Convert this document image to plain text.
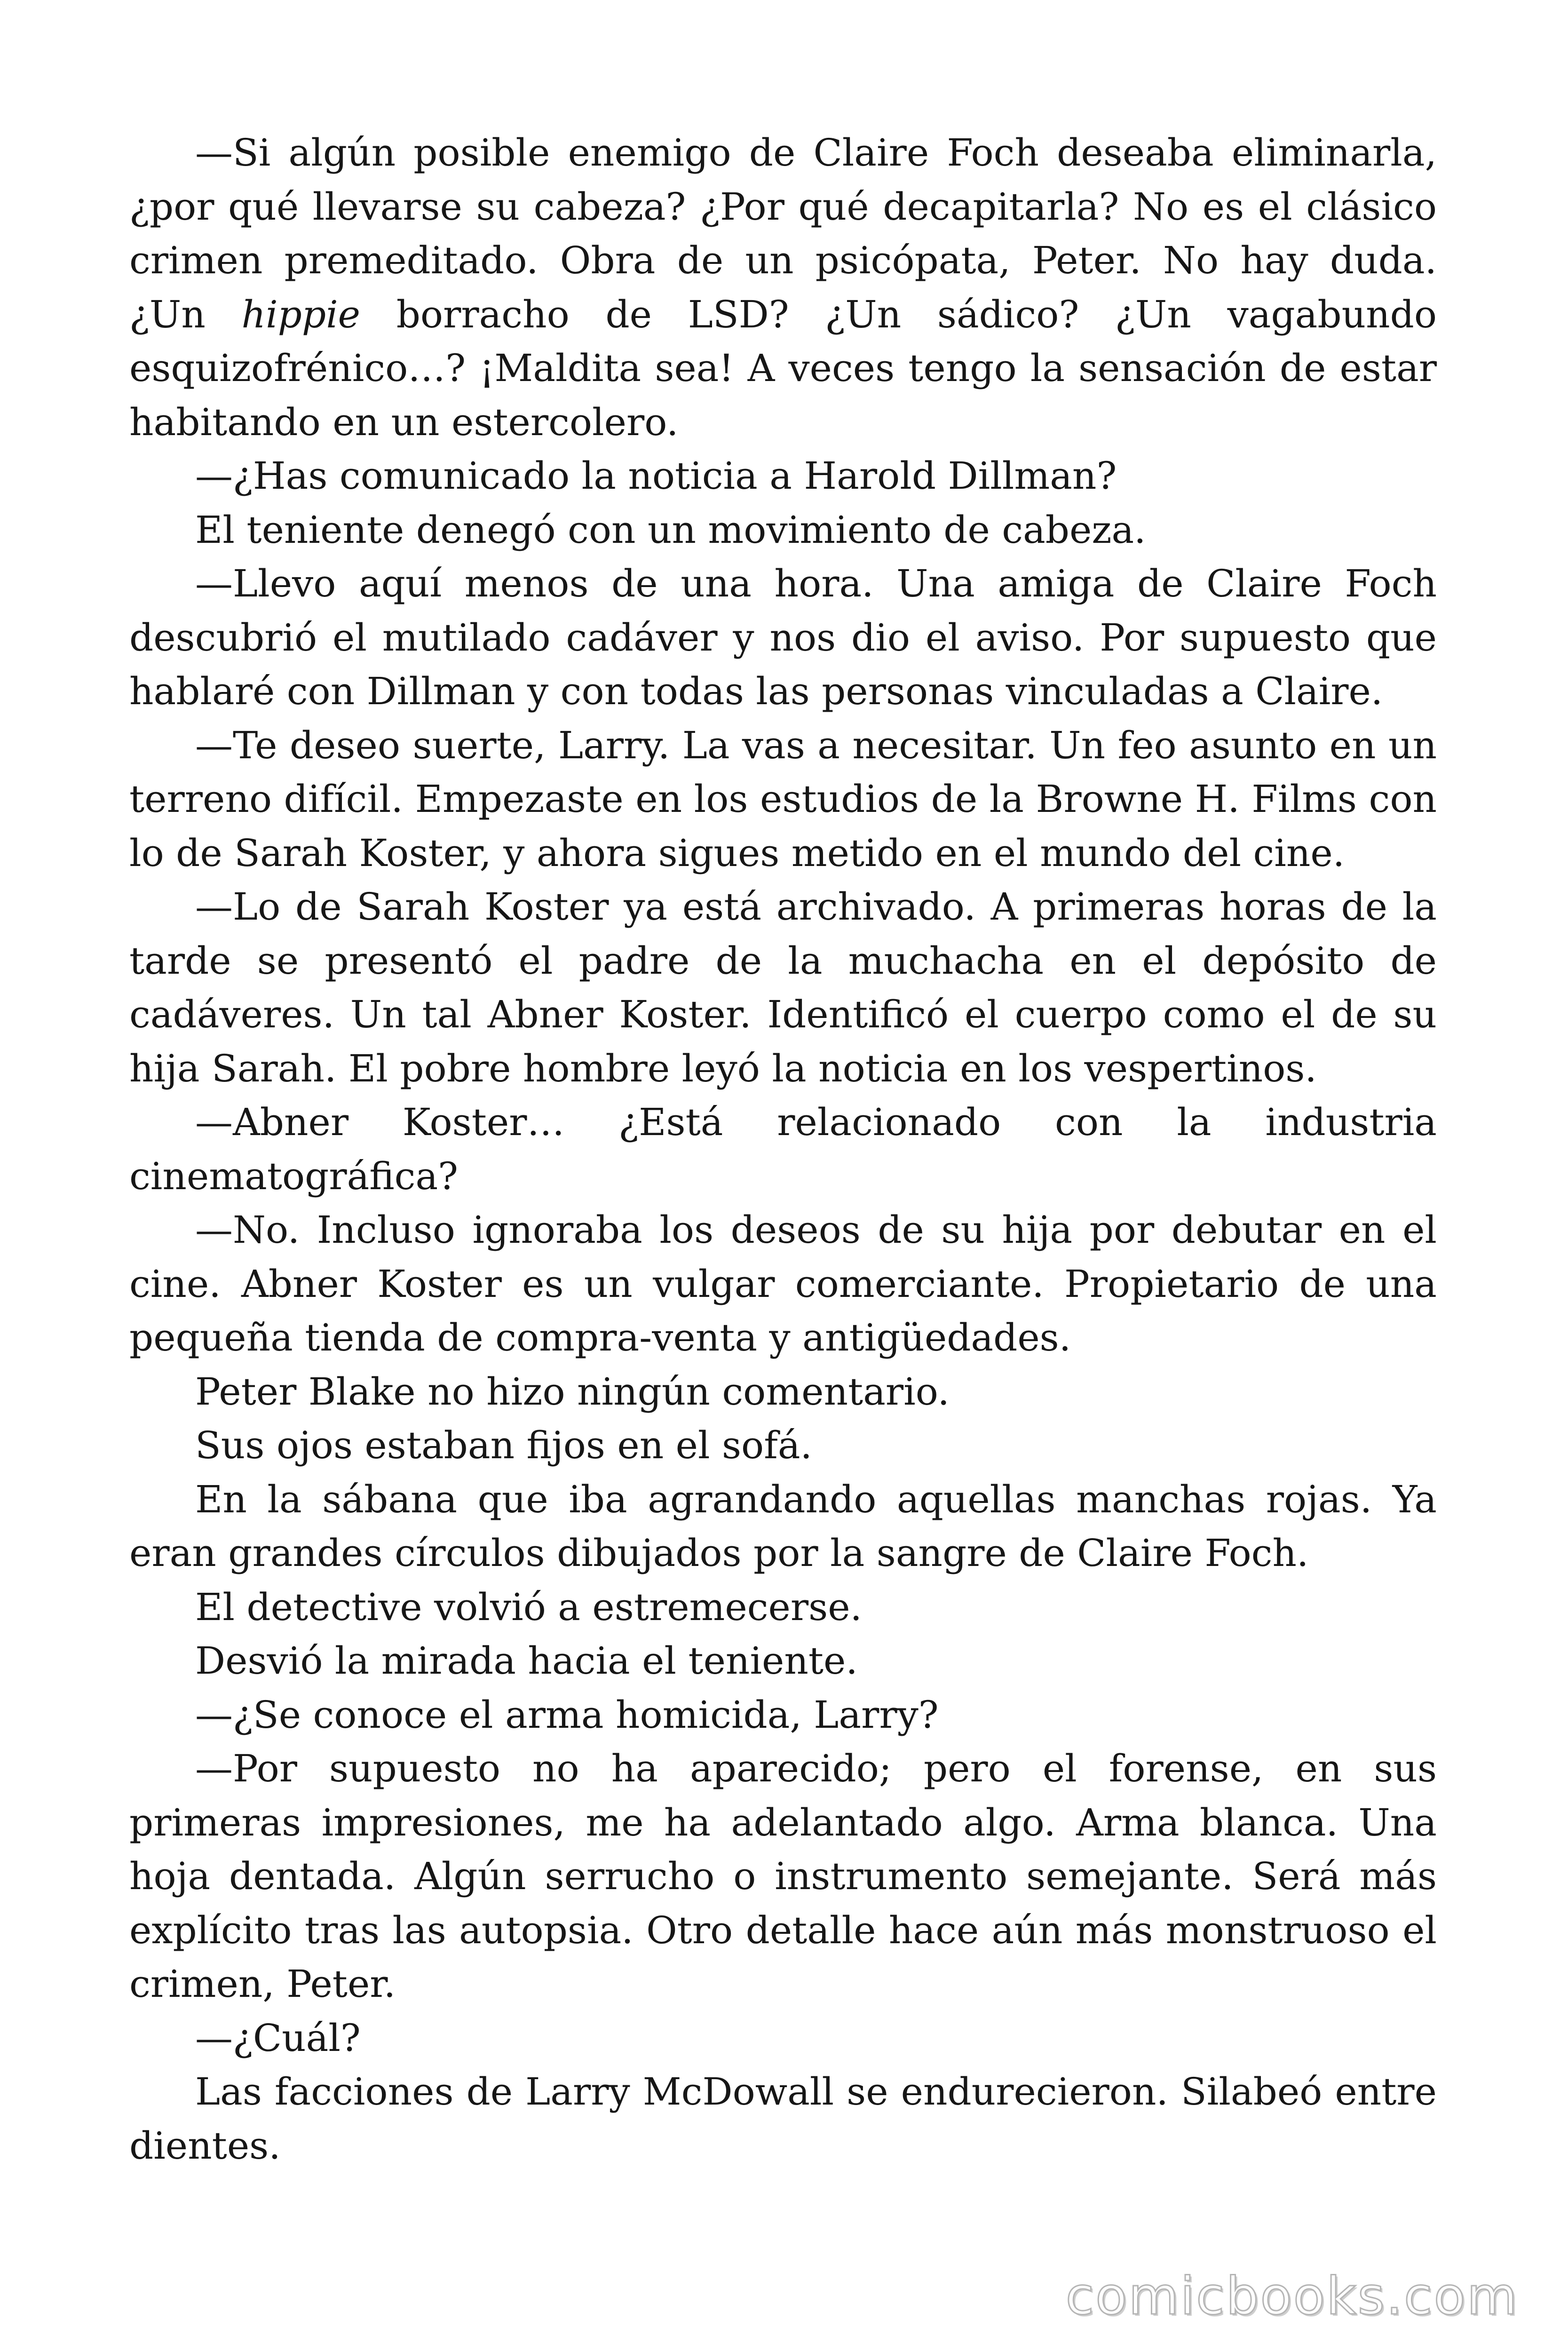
—Si algún posible enemigo de Claire Foch deseaba eliminarla, ¿por qué llevarse su cabeza? ¿Por qué decapitarla? No es el clásico crimen premeditado. Obra de un psicópata, Peter. No hay duda. ¿Un hippie borracho de LSD? ¿Un sádico? ¿Un vagabundo esquizofrénico…? ¡Maldita sea! A veces tengo la sensación de estar habitando en un estercolero.

—¿Has comunicado la noticia a Harold Dillman?

El teniente denegó con un movimiento de cabeza.

—Llevo aquí menos de una hora. Una amiga de Claire Foch descubrió el mutilado cadáver y nos dio el aviso. Por supuesto que hablaré con Dillman y con todas las personas vinculadas a Claire.

—Te deseo suerte, Larry. La vas a necesitar. Un feo asunto en un terreno difícil. Empezaste en los estudios de la Browne H. Films con lo de Sarah Koster, y ahora sigues metido en el mundo del cine.

—Lo de Sarah Koster ya está archivado. A primeras horas de la tarde se presentó el padre de la muchacha en el depósito de cadáveres. Un tal Abner Koster. Identificó el cuerpo como el de su hija Sarah. El pobre hombre leyó la noticia en los vespertinos.

—Abner Koster… ¿Está relacionado con la industria cinematográfica?

—No. Incluso ignoraba los deseos de su hija por debutar en el cine. Abner Koster es un vulgar comerciante. Propietario de una pequeña tienda de compra-venta y antigüedades.

Peter Blake no hizo ningún comentario.

Sus ojos estaban fijos en el sofá.

En la sábana que iba agrandando aquellas manchas rojas. Ya eran grandes círculos dibujados por la sangre de Claire Foch.

El detective volvió a estremecerse.

Desvió la mirada hacia el teniente.

—¿Se conoce el arma homicida, Larry?

—Por supuesto no ha aparecido; pero el forense, en sus primeras impresiones, me ha adelantado algo. Arma blanca. Una hoja dentada. Algún serrucho o instrumento semejante. Será más explícito tras las autopsia. Otro detalle hace aún más monstruoso el crimen, Peter.

—¿Cuál?

Las facciones de Larry McDowall se endurecieron. Silabeó entre dientes.

comicbooks.com
